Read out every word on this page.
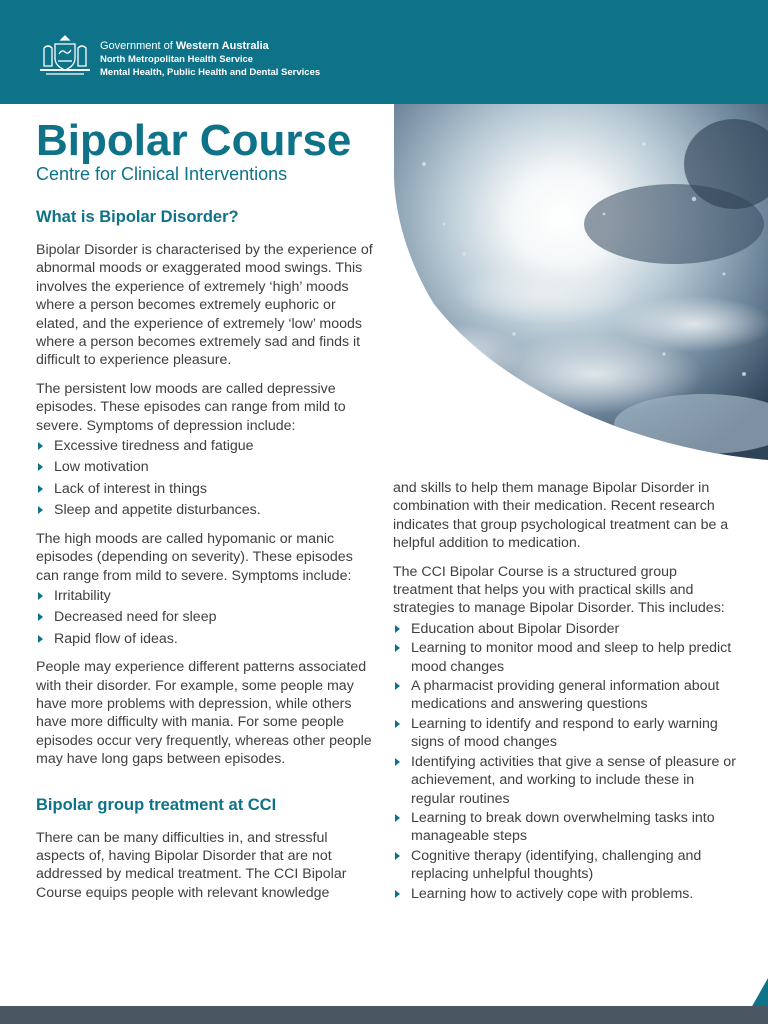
Government of Western Australia
North Metropolitan Health Service
Mental Health, Public Health and Dental Services
Bipolar Course
Centre for Clinical Interventions
What is Bipolar Disorder?

Bipolar Disorder is characterised by the experience of abnormal moods or exaggerated mood swings. This involves the experience of extremely ‘high’ moods where a person becomes extremely euphoric or elated, and the experience of extremely ‘low’ moods where a person becomes extremely sad and finds it difficult to experience pleasure.

The persistent low moods are called depressive episodes. These episodes can range from mild to severe. Symptoms of depression include:

Excessive tiredness and fatigue
Low motivation
Lack of interest in things
Sleep and appetite disturbances.

The high moods are called hypomanic or manic episodes (depending on severity). These episodes can range from mild to severe. Symptoms include:

Irritability
Decreased need for sleep
Rapid flow of ideas.

People may experience different patterns associated with their disorder. For example, some people may have more problems with depression, while others have more difficulty with mania. For some people episodes occur very frequently, whereas other people may have long gaps between episodes.

Bipolar group treatment at CCI

There can be many difficulties in, and stressful aspects of, having Bipolar Disorder that are not addressed by medical treatment. The CCI Bipolar Course equips people with relevant knowledge

and skills to help them manage Bipolar Disorder in combination with their medication. Recent research indicates that group psychological treatment can be a helpful addition to medication.

The CCI Bipolar Course is a structured group treatment that helps you with practical skills and strategies to manage Bipolar Disorder. This includes:

Education about Bipolar Disorder
Learning to monitor mood and sleep to help predict mood changes
A pharmacist providing general information about medications and answering questions
Learning to identify and respond to early warning signs of mood changes
Identifying activities that give a sense of pleasure or achievement, and working to include these in regular routines
Learning to break down overwhelming tasks into manageable steps
Cognitive therapy (identifying, challenging and replacing unhelpful thoughts)
Learning how to actively cope with problems.
